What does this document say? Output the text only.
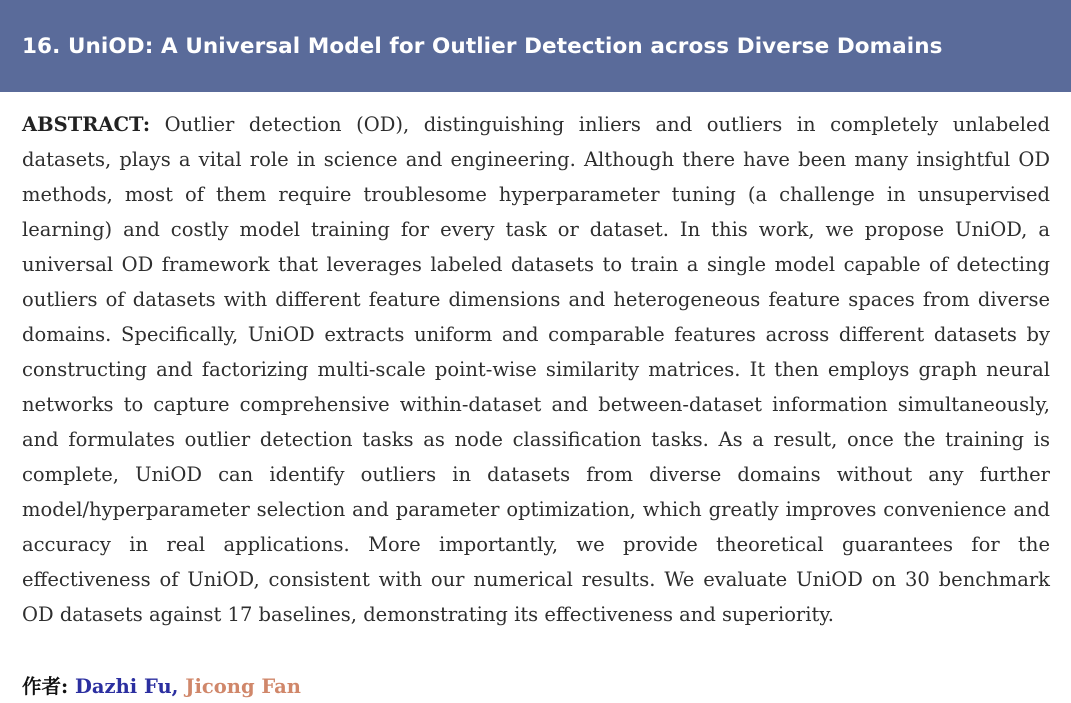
16. UniOD: A Universal Model for Outlier Detection across Diverse Domains

ABSTRACT: Outlier detection (OD), distinguishing inliers and outliers in completely unlabeled datasets, plays a vital role in science and engineering. Although there have been many insightful OD methods, most of them require troublesome hyperparameter tuning (a challenge in unsupervised learning) and costly model training for every task or dataset. In this work, we propose UniOD, a universal OD framework that leverages labeled datasets to train a single model capable of detecting outliers of datasets with different feature dimensions and heterogeneous feature spaces from diverse domains. Specifically, UniOD extracts uniform and comparable features across different datasets by constructing and factorizing multi-scale point-wise similarity matrices. It then employs graph neural networks to capture comprehensive within-dataset and between-dataset information simultaneously, and formulates outlier detection tasks as node classification tasks. As a result, once the training is complete, UniOD can identify outliers in datasets from diverse domains without any further model/hyperparameter selection and parameter optimization, which greatly improves convenience and accuracy in real applications. More importantly, we provide theoretical guarantees for the effectiveness of UniOD, consistent with our numerical results. We evaluate UniOD on 30 benchmark OD datasets against 17 baselines, demonstrating its effectiveness and superiority.

作者: Dazhi Fu, Jicong Fan
